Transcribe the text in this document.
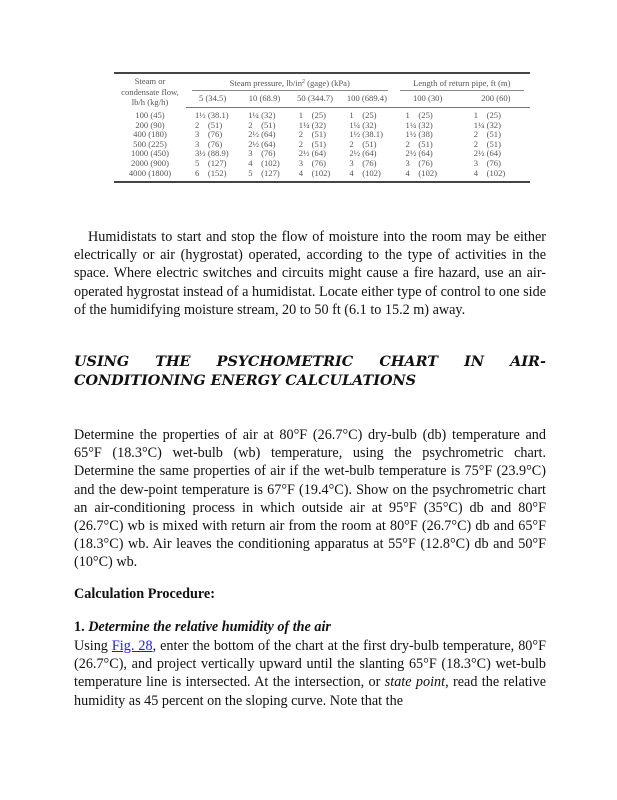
Steam or
condensate flow,
lb/h (kg/h)	Steam pressure, $lb/in^2$ (gage) (kPa)				Length of return pipe, ft (m)	

	5 (34.5)	10 (68.9)	50 (344.7)	100 (689.4)	100 (30)	200 (60)
100 (45)	1½ (38.1)	1¼ (32)	1    (25)	1    (25)	1    (25)	1    (25)
200 (90)	2    (51)	2    (51)	1¼ (32)	1¼ (32)	1¼ (32)	1¼ (32)
400 (180)	3    (76)	2½ (64)	2    (51)	1½ (38.1)	1½ (38)	2    (51)
500 (225)	3    (76)	2½ (64)	2    (51)	2    (51)	2    (51)	2    (51)
1000 (450)	3½ (88.9)	3    (76)	2½ (64)	2½ (64)	2½ (64)	2½ (64)
2000 (900)	5    (127)	4    (102)	3    (76)	3    (76)	3    (76)	3    (76)
4000 (1800)	6    (152)	5    (127)	4    (102)	4    (102)	4    (102)	4    (102)
Humidistats to start and stop the flow of moisture into the room may be either electrically or air (hygrostat) operated, according to the type of activities in the space. Where electric switches and circuits might cause a fire hazard, use an air-operated hygrostat instead of a humidistat. Locate either type of control to one side of the humidifying moisture stream, 20 to 50 ft (6.1 to 15.2 m) away.
USING THE PSYCHOMETRIC CHART IN AIR-
CONDITIONING ENERGY CALCULATIONS
Determine the properties of air at 80°F (26.7°C) dry-bulb (db) temperature and 65°F (18.3°C) wet-bulb (wb) temperature, using the psychrometric chart. Determine the same properties of air if the wet-bulb temperature is 75°F (23.9°C) and the dew-point temperature is 67°F (19.4°C). Show on the psychrometric chart an air-conditioning process in which outside air at 95°F (35°C) db and 80°F (26.7°C) wb is mixed with return air from the room at 80°F (26.7°C) db and 65°F (18.3°C) wb. Air leaves the conditioning apparatus at 55°F (12.8°C) db and 50°F (10°C) wb.
Calculation Procedure:
1. Determine the relative humidity of the air
Using Fig. 28, enter the bottom of the chart at the first dry-bulb temperature, 80°F (26.7°C), and project vertically upward until the slanting 65°F (18.3°C) wet-bulb temperature line is intersected. At the intersection, or state point, read the relative humidity as 45 percent on the sloping curve. Note that the
